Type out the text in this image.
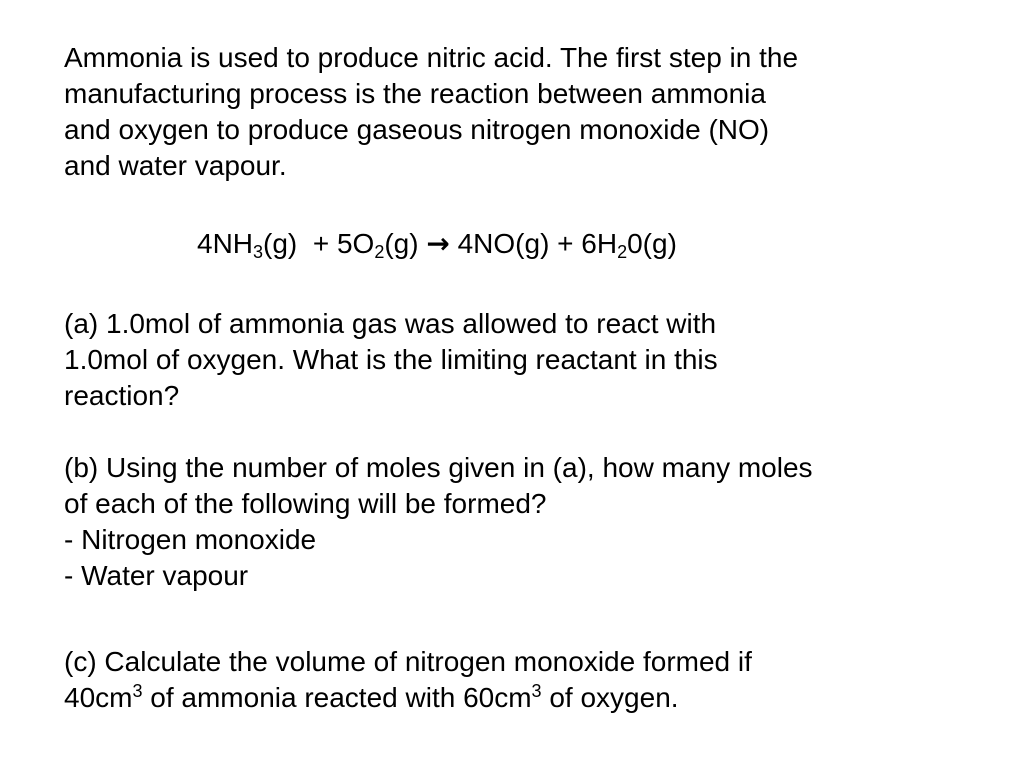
Ammonia is used to produce nitric acid. The first step in the
manufacturing process is the reaction between ammonia
and oxygen to produce gaseous nitrogen monoxide (NO)
and water vapour.

$4NH_3(g) + 5O_2(g) \to 4NO(g) + 6H_20(g)$

(a) 1.0mol of ammonia gas was allowed to react with
1.0mol of oxygen. What is the limiting reactant in this
reaction?

(b) Using the number of moles given in (a), how many moles
of each of the following will be formed?
- Nitrogen monoxide
- Water vapour

(c) Calculate the volume of nitrogen monoxide formed if
$40cm^3$ of ammonia reacted with $60cm^3$ of oxygen.
